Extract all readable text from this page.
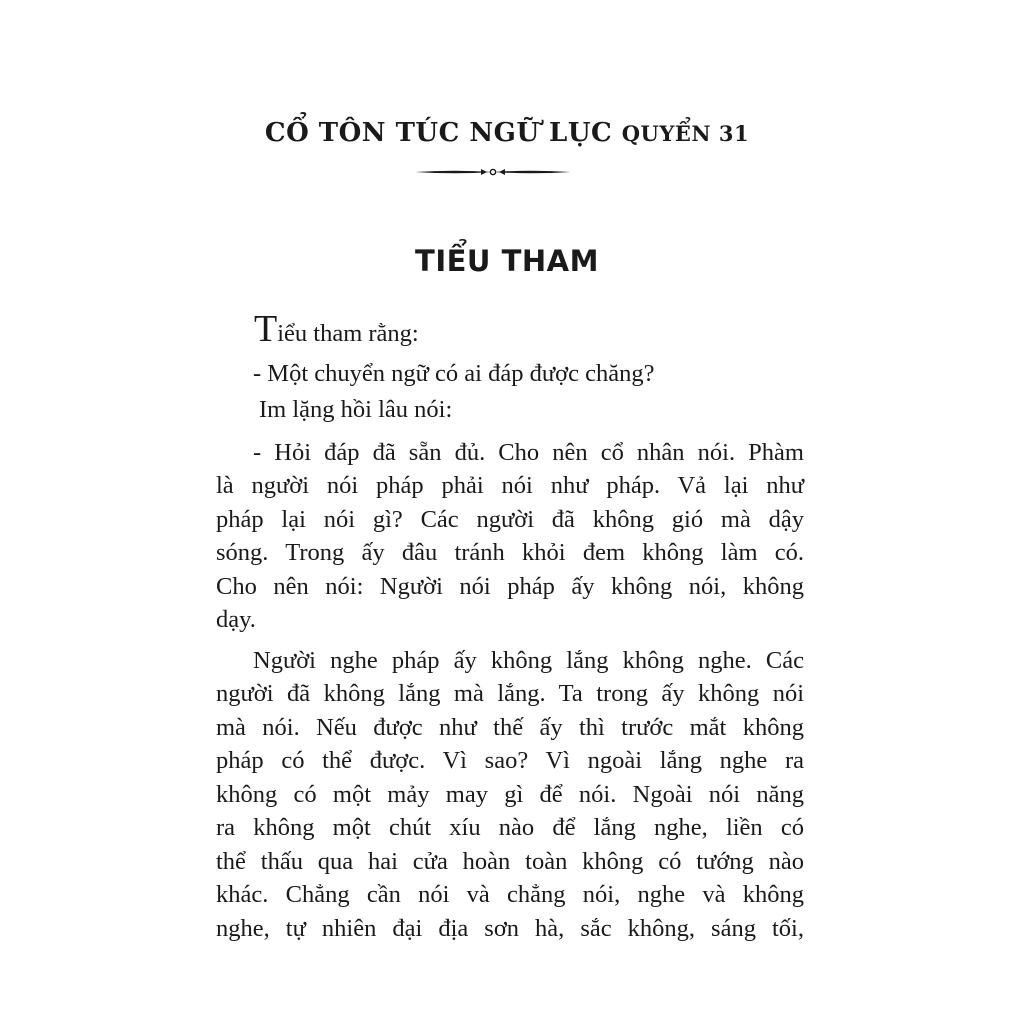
CỔ TÔN TÚC NGỮ LỤC QUYỂN 31
TIỂU THAM
Tiểu tham rằng:
- Một chuyển ngữ có ai đáp được chăng?
Im lặng hồi lâu nói:
- Hỏi đáp đã sẵn đủ. Cho nên cổ nhân nói. Phàm
là người nói pháp phải nói như pháp. Vả lại như
pháp lại nói gì? Các người đã không gió mà dậy
sóng. Trong ấy đâu tránh khỏi đem không làm có.
Cho nên nói: Người nói pháp ấy không nói, không
dạy.
Người nghe pháp ấy không lắng không nghe. Các
người đã không lắng mà lắng. Ta trong ấy không nói
mà nói. Nếu được như thế ấy thì trước mắt không
pháp có thể được. Vì sao? Vì ngoài lắng nghe ra
không có một mảy may gì để nói. Ngoài nói năng
ra không một chút xíu nào để lắng nghe, liền có
thể thấu qua hai cửa hoàn toàn không có tướng nào
khác. Chẳng cần nói và chẳng nói, nghe và không
nghe, tự nhiên đại địa sơn hà, sắc không, sáng tối,
